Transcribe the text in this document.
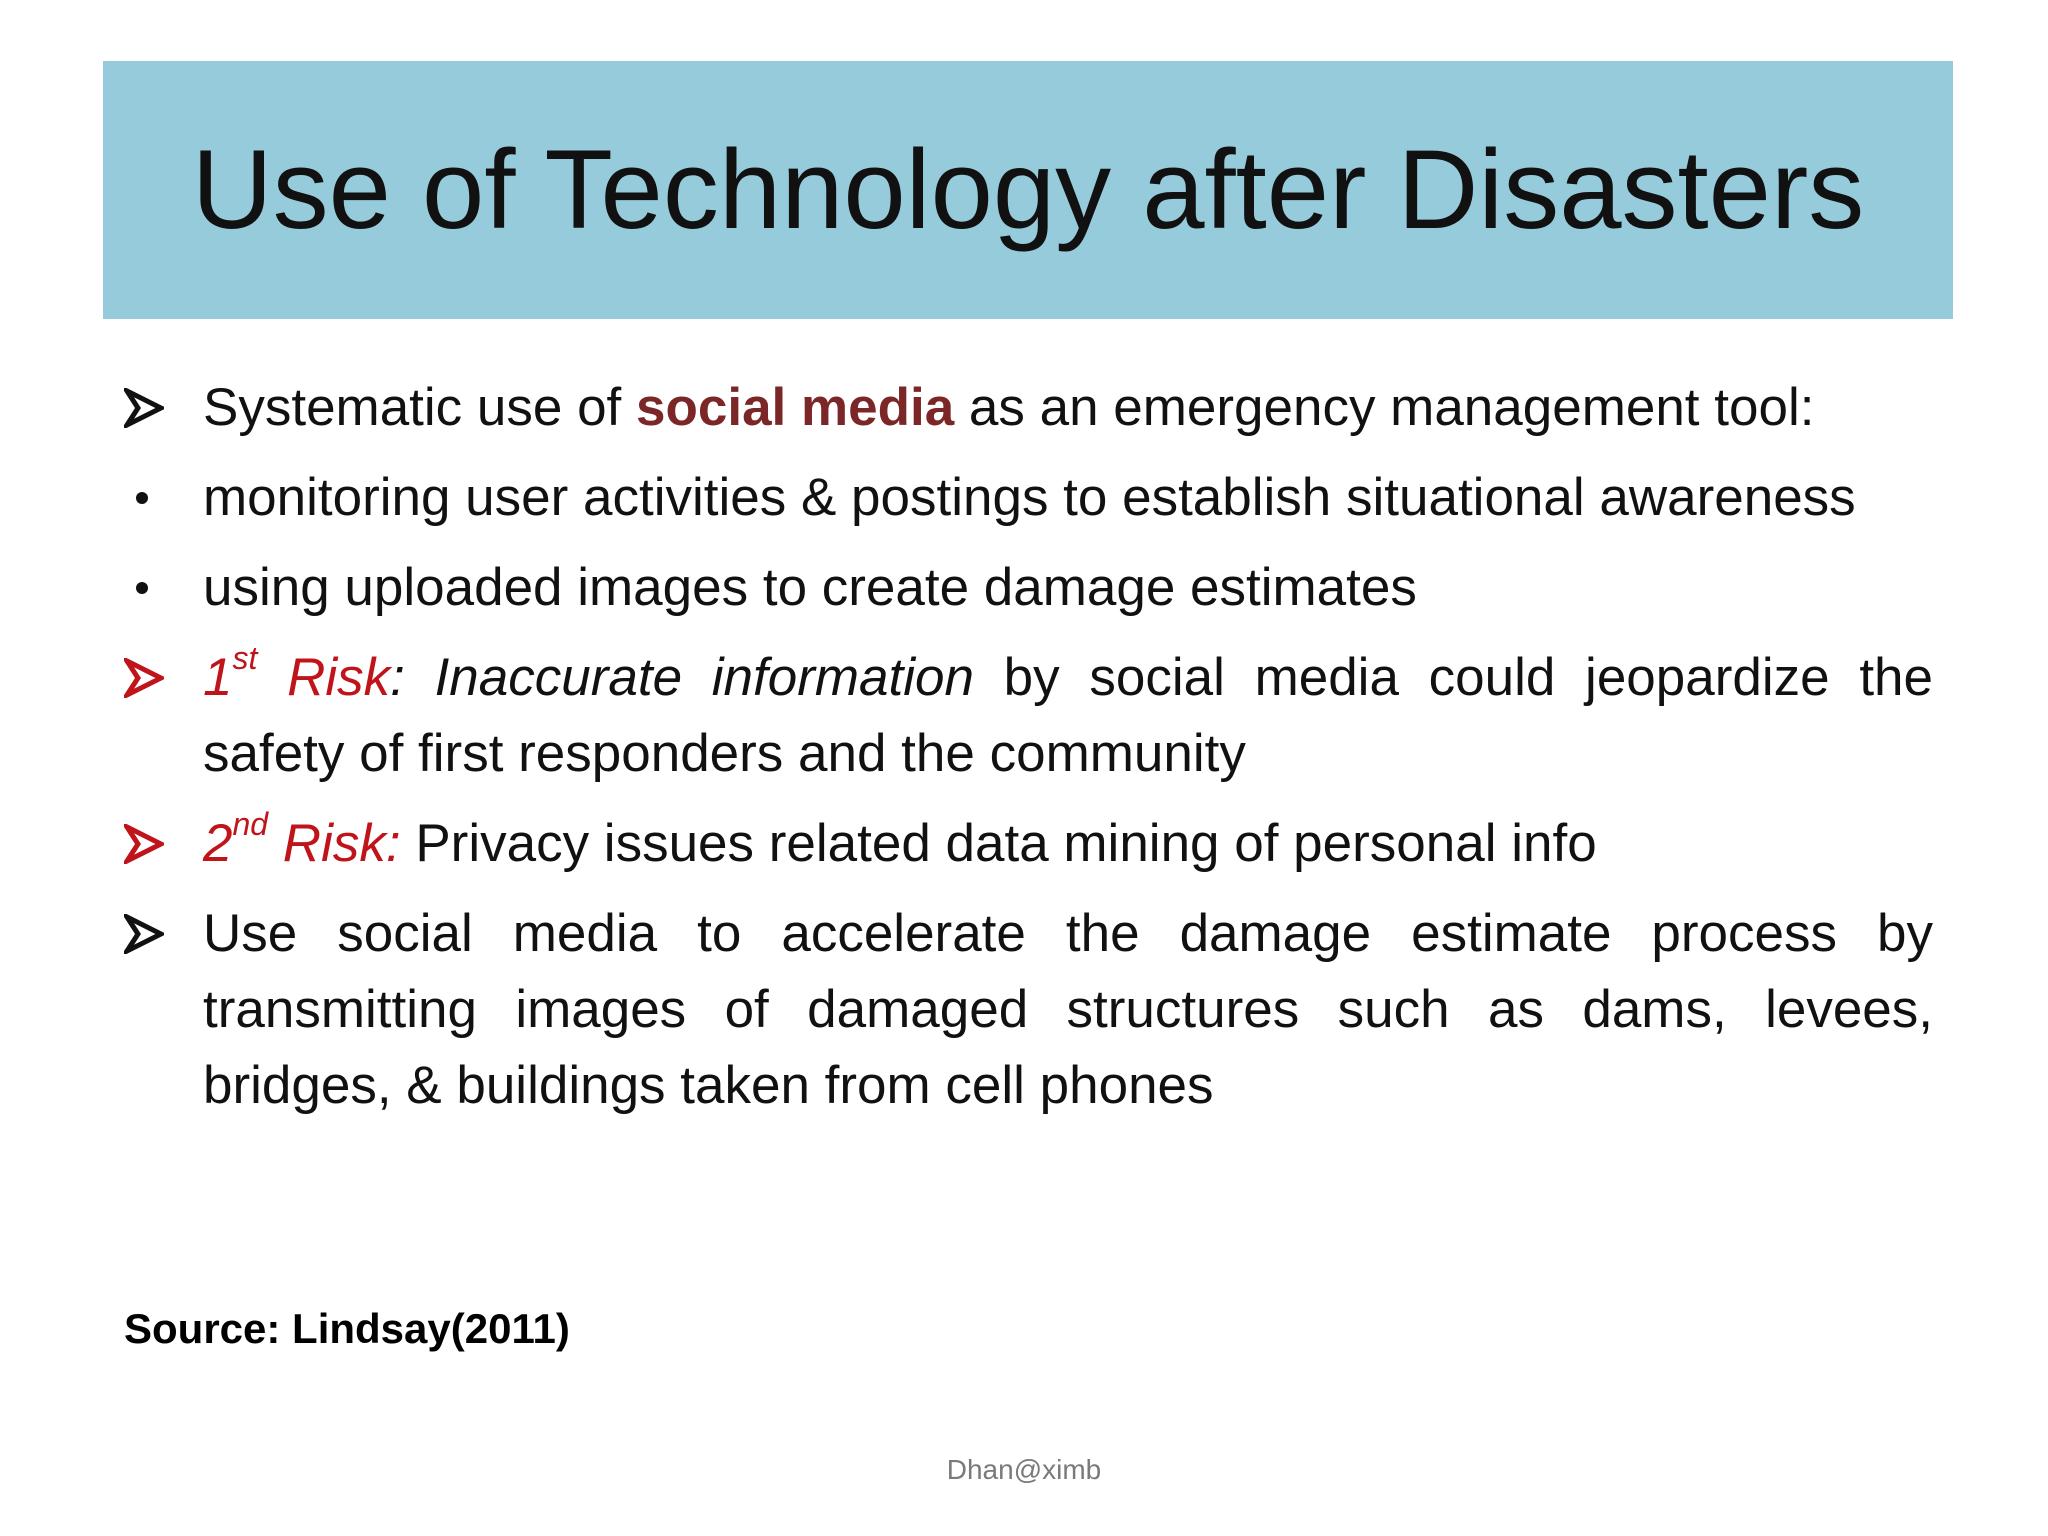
Use of Technology after Disasters
Systematic use of social media as an emergency management tool:
monitoring user activities & postings to establish situational awareness
using uploaded images to create damage estimates
1st Risk: Inaccurate information by social media could jeopardize the safety of first responders and the community
2nd Risk: Privacy issues related data mining of personal info
Use social media to accelerate the damage estimate process by transmitting images of damaged structures such as dams, levees, bridges, & buildings taken from cell phones
Source: Lindsay(2011)
Dhan@ximb
